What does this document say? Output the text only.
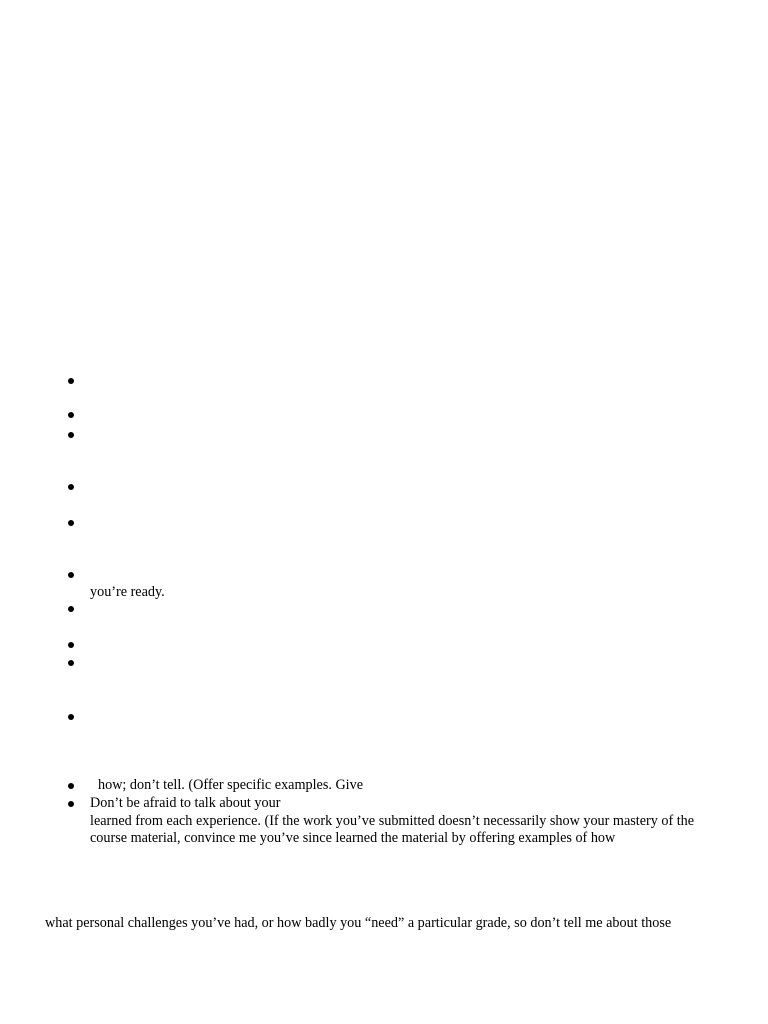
you’re ready.

how; don’t tell. (Offer specific examples. Give

Don’t be afraid to talk about your

learned from each experience. (If the work you’ve submitted doesn’t necessarily show your mastery of the

course material, convince me you’ve since learned the material by offering examples of how

what personal challenges you’ve had, or how badly you “need” a particular grade, so don’t tell me about those
